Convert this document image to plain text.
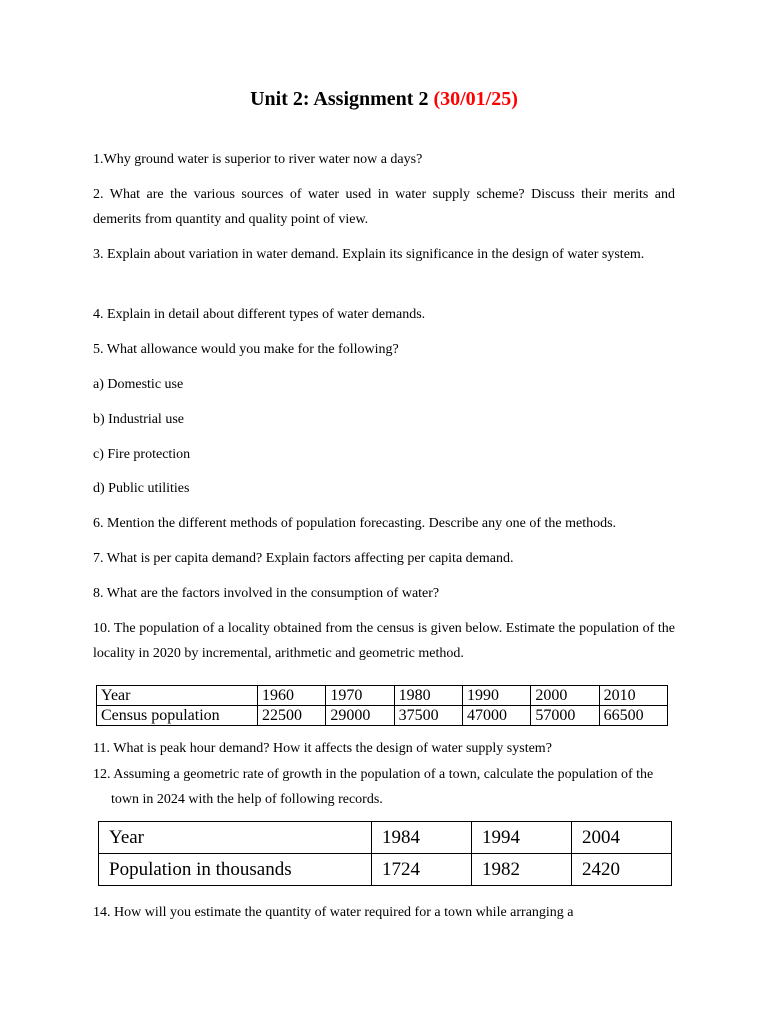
Unit 2: Assignment 2 (30/01/25)

1.Why ground water is superior to river water now a days?

2. What are the various sources of water used in water supply scheme? Discuss their merits and demerits from quantity and quality point of view.

3. Explain about variation in water demand. Explain its significance in the design of water system.

4. Explain in detail about different types of water demands.

5. What allowance would you make for the following?

a) Domestic use

b) Industrial use

c) Fire protection

d) Public utilities

6. Mention the different methods of population forecasting. Describe any one of the methods.

7. What is per capita demand? Explain factors affecting per capita demand.

8. What are the factors involved in the consumption of water?

10. The population of a locality obtained from the census is given below. Estimate the population of the locality in 2020 by incremental, arithmetic and geometric method.

Year	1960	1970	1980	1990	2000	2010
Census population	22500	29000	37500	47000	57000	66500

11. What is peak hour demand? How it affects the design of water supply system?

12. Assuming a geometric rate of growth in the population of a town, calculate the population of the town in 2024 with the help of following records.

Year	1984	1994	2004
Population in thousands	1724	1982	2420

14. How will you estimate the quantity of water required for a town while arranging a
